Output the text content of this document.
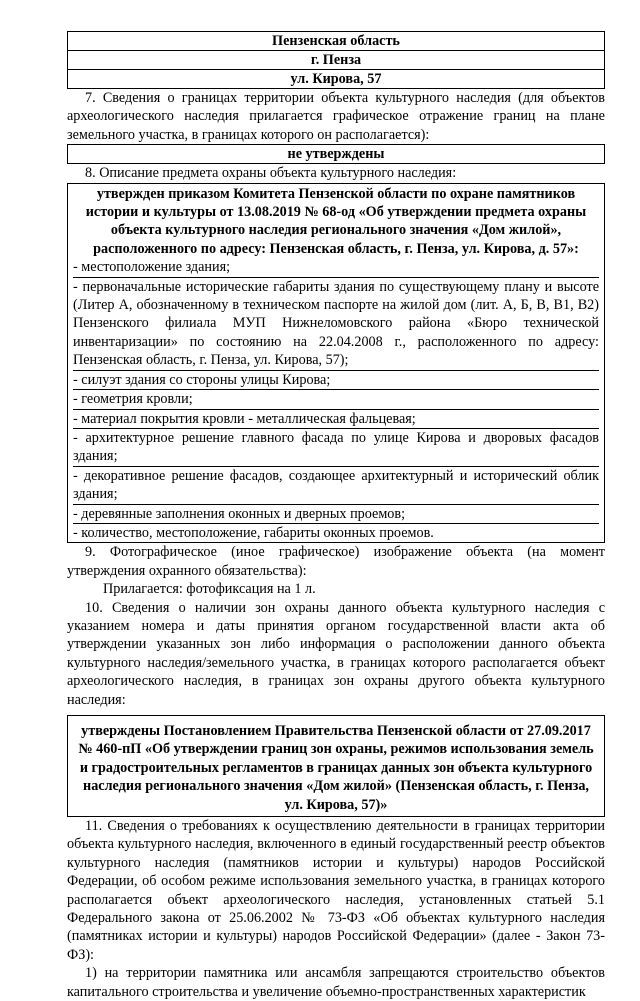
Пензенская область
г. Пенза
ул. Кирова, 57

7. Сведения о границах территории объекта культурного наследия (для объектов археологического наследия прилагается графическое отражение границ на плане земельного участка, в границах которого он располагается):

не утверждены

8. Описание предмета охраны объекта культурного наследия:

утвержден приказом Комитета Пензенской области по охране памятников истории и культуры от 13.08.2019 № 68-од «Об утверждении предмета охраны объекта культурного наследия регионального значения «Дом жилой», расположенного по адресу: Пензенская область, г. Пенза, ул. Кирова, д. 57»:
- местоположение здания;
- первоначальные исторические габариты здания по существующему плану и высоте (Литер А, обозначенному в техническом паспорте на жилой дом (лит. А, Б, В, В1, В2) Пензенского филиала МУП Нижнеломовского района «Бюро технической инвентаризации» по состоянию на 22.04.2008 г., расположенного по адресу: Пензенская область, г. Пенза, ул. Кирова, 57);
- силуэт здания со стороны улицы Кирова;
- геометрия кровли;
- материал покрытия кровли - металлическая фальцевая;
- архитектурное решение главного фасада по улице Кирова и дворовых фасадов здания;
- декоративное решение фасадов, создающее архитектурный и исторический облик здания;
- деревянные заполнения оконных и дверных проемов;
- количество, местоположение, габариты оконных проемов.

9. Фотографическое (иное графическое) изображение объекта (на момент утверждения охранного обязательства):

Прилагается: фотофиксация на 1 л.

10. Сведения о наличии зон охраны данного объекта культурного наследия с указанием номера и даты принятия органом государственной власти акта об утверждении указанных зон либо информация о расположении данного объекта культурного наследия/земельного участка, в границах которого располагается объект археологического наследия, в границах зон охраны другого объекта культурного наследия:

утверждены Постановлением Правительства Пензенской области от 27.09.2017 № 460-пП «Об утверждении границ зон охраны, режимов использования земель и градостроительных регламентов в границах данных зон объекта культурного наследия регионального значения «Дом жилой» (Пензенская область, г. Пенза, ул. Кирова, 57)»

11. Сведения о требованиях к осуществлению деятельности в границах территории объекта культурного наследия, включенного в единый государственный реестр объектов культурного наследия (памятников истории и культуры) народов Российской Федерации, об особом режиме использования земельного участка, в границах которого располагается объект археологического наследия, установленных статьей 5.1 Федерального закона от 25.06.2002 № 73-ФЗ «Об объектах культурного наследия (памятниках истории и культуры) народов Российской Федерации» (далее - Закон 73-ФЗ):

1) на территории памятника или ансамбля запрещаются строительство объектов капитального строительства и увеличение объемно-пространственных характеристик
